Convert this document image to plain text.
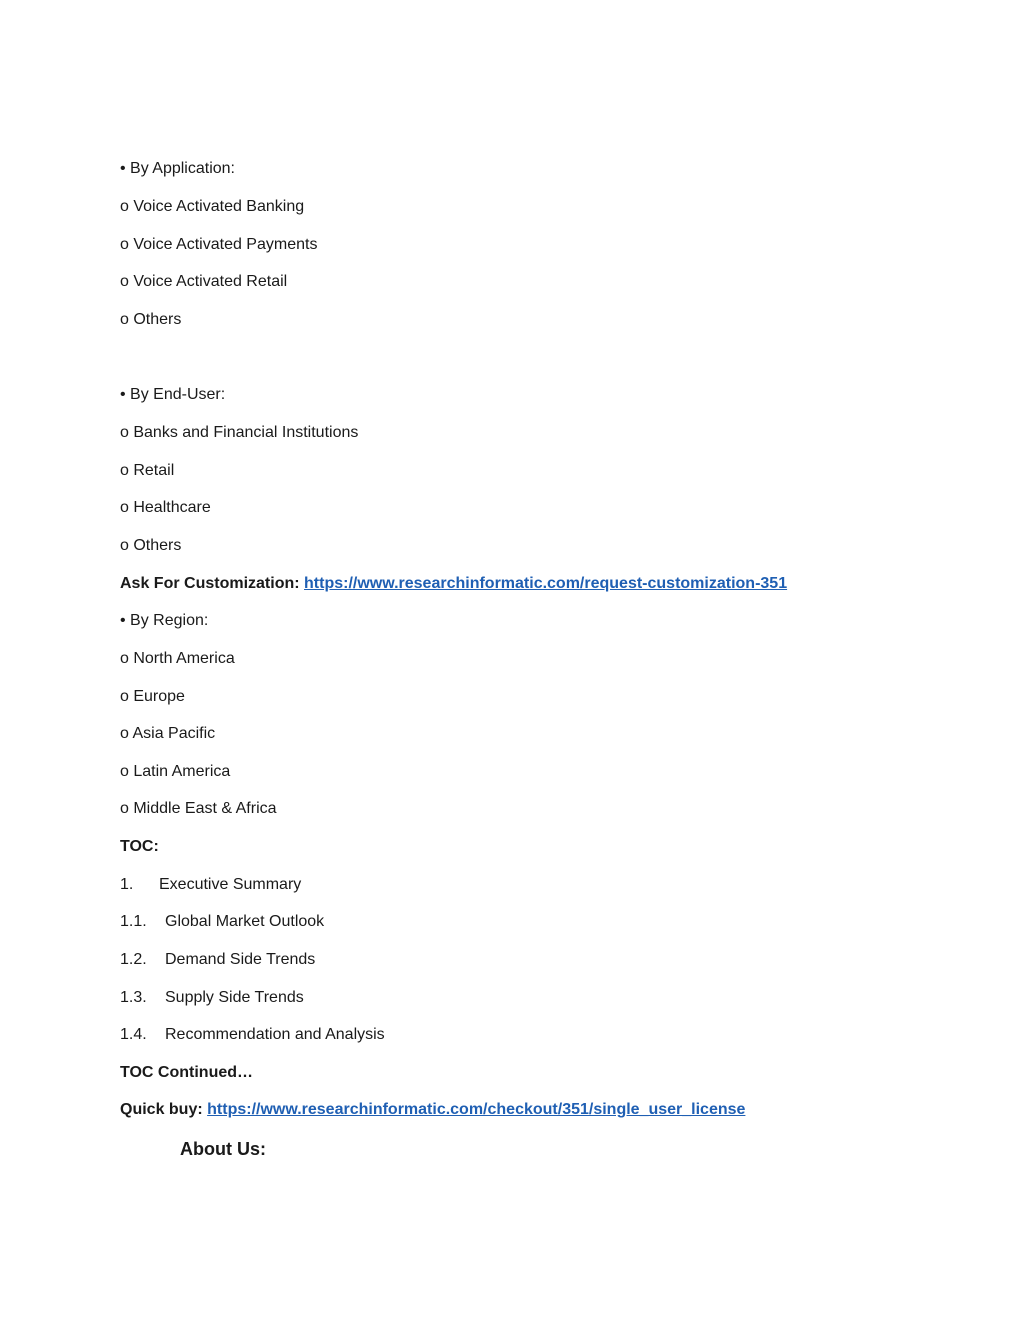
• By Application:
o Voice Activated Banking
o Voice Activated Payments
o Voice Activated Retail
o Others
• By End-User:
o Banks and Financial Institutions
o Retail
o Healthcare
o Others
Ask For Customization: https://www.researchinformatic.com/request-customization-351
• By Region:
o North America
o Europe
o Asia Pacific
o Latin America
o Middle East & Africa
TOC:
1. Executive Summary
1.1. Global Market Outlook
1.2. Demand Side Trends
1.3. Supply Side Trends
1.4. Recommendation and Analysis
TOC Continued…
Quick buy: https://www.researchinformatic.com/checkout/351/single_user_license
About Us:
